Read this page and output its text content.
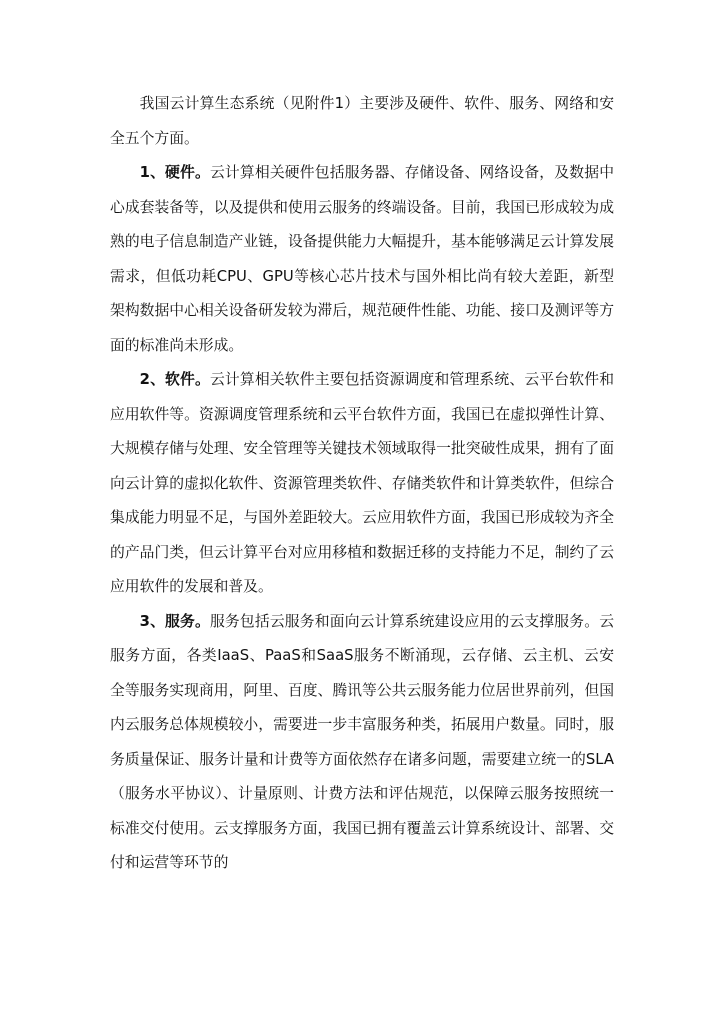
我国云计算生态系统（见附件1）主要涉及硬件、软件、服务、网络和安全五个方面。

1、硬件。云计算相关硬件包括服务器、存储设备、网络设备，及数据中心成套装备等，以及提供和使用云服务的终端设备。目前，我国已形成较为成熟的电子信息制造产业链，设备提供能力大幅提升，基本能够满足云计算发展需求，但低功耗CPU、GPU等核心芯片技术与国外相比尚有较大差距，新型架构数据中心相关设备研发较为滞后，规范硬件性能、功能、接口及测评等方面的标准尚未形成。

2、软件。云计算相关软件主要包括资源调度和管理系统、云平台软件和应用软件等。资源调度管理系统和云平台软件方面，我国已在虚拟弹性计算、大规模存储与处理、安全管理等关键技术领域取得一批突破性成果，拥有了面向云计算的虚拟化软件、资源管理类软件、存储类软件和计算类软件，但综合集成能力明显不足，与国外差距较大。云应用软件方面，我国已形成较为齐全的产品门类，但云计算平台对应用移植和数据迁移的支持能力不足，制约了云应用软件的发展和普及。

3、服务。服务包括云服务和面向云计算系统建设应用的云支撑服务。云服务方面，各类IaaS、PaaS和SaaS服务不断涌现，云存储、云主机、云安全等服务实现商用，阿里、百度、腾讯等公共云服务能力位居世界前列，但国内云服务总体规模较小，需要进一步丰富服务种类，拓展用户数量。同时，服务质量保证、服务计量和计费等方面依然存在诸多问题，需要建立统一的SLA（服务水平协议）、计量原则、计费方法和评估规范，以保障云服务按照统一标准交付使用。云支撑服务方面，我国已拥有覆盖云计算系统设计、部署、交付和运营等环节的
